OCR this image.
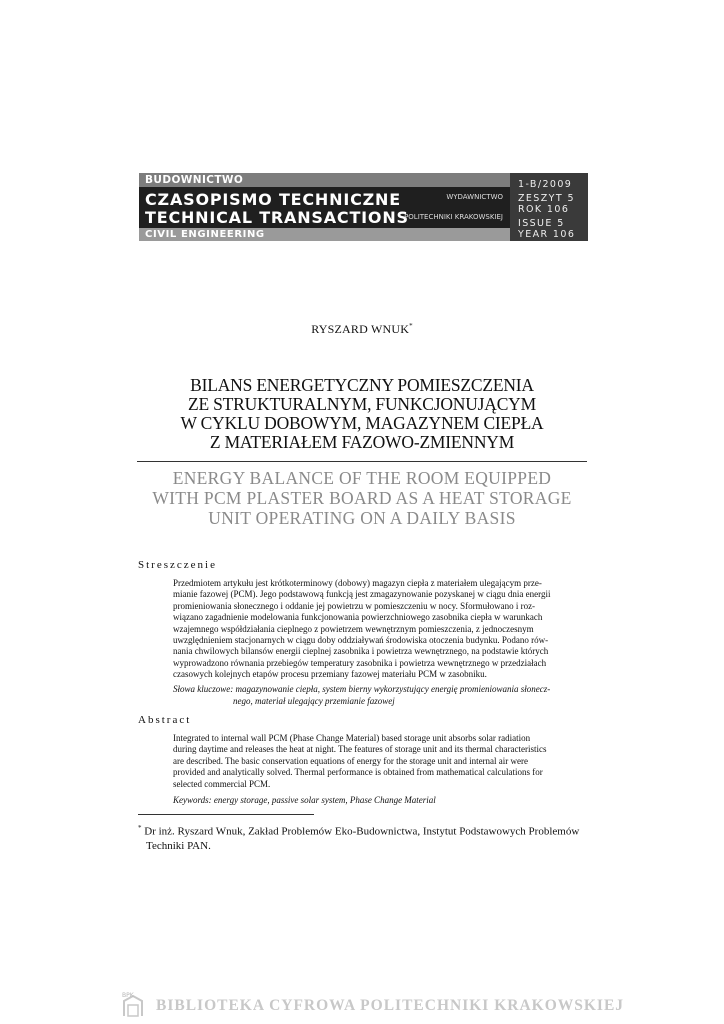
BUDOWNICTWO
CZASOPISMO TECHNICZNE
TECHNICAL TRANSACTIONS
WYDAWNICTWO
POLITECHNIKI KRAKOWSKIEJ
CIVIL ENGINEERING
1-B/2009
ZESZYT 5
ROK 106
ISSUE 5
YEAR 106
RYSZARD WNUK*
BILANS ENERGETYCZNY POMIESZCZENIA
ZE STRUKTURALNYM, FUNKCJONUJĄCYM
W CYKLU DOBOWYM, MAGAZYNEM CIEPŁA
Z MATERIAŁEM FAZOWO-ZMIENNYM
ENERGY BALANCE OF THE ROOM EQUIPPED
WITH PCM PLASTER BOARD AS A HEAT STORAGE
UNIT OPERATING ON A DAILY BASIS
Streszczenie
Przedmiotem artykułu jest krótkoterminowy (dobowy) magazyn ciepła z materiałem ulegającym prze-
mianie fazowej (PCM). Jego podstawową funkcją jest zmagazynowanie pozyskanej w ciągu dnia energii
promieniowania słonecznego i oddanie jej powietrzu w pomieszczeniu w nocy. Sformułowano i roz-
wiązano zagadnienie modelowania funkcjonowania powierzchniowego zasobnika ciepła w warunkach
wzajemnego współdziałania cieplnego z powietrzem wewnętrznym pomieszczenia, z jednoczesnym
uwzględnieniem stacjonarnych w ciągu doby oddziaływań środowiska otoczenia budynku. Podano rów-
nania chwilowych bilansów energii cieplnej zasobnika i powietrza wewnętrznego, na podstawie których
wyprowadzono równania przebiegów temperatury zasobnika i powietrza wewnętrznego w przedziałach
czasowych kolejnych etapów procesu przemiany fazowej materiału PCM w zasobniku.
Słowa kluczowe: magazynowanie ciepła, system bierny wykorzystujący energię promieniowania słonecz-
nego, materiał ulegający przemianie fazowej
Abstract
Integrated to internal wall PCM (Phase Change Material) based storage unit absorbs solar radiation
during daytime and releases the heat at night. The features of storage unit and its thermal characteristics
are described. The basic conservation equations of energy for the storage unit and internal air were
provided and analytically solved. Thermal performance is obtained from mathematical calculations for
selected commercial PCM.
Keywords: energy storage, passive solar system, Phase Change Material
* Dr inż. Ryszard Wnuk, Zakład Problemów Eko-Budownictwa, Instytut Podstawowych Problemów
Techniki PAN.
BPK
BIBLIOTEKA CYFROWA POLITECHNIKI KRAKOWSKIEJ
